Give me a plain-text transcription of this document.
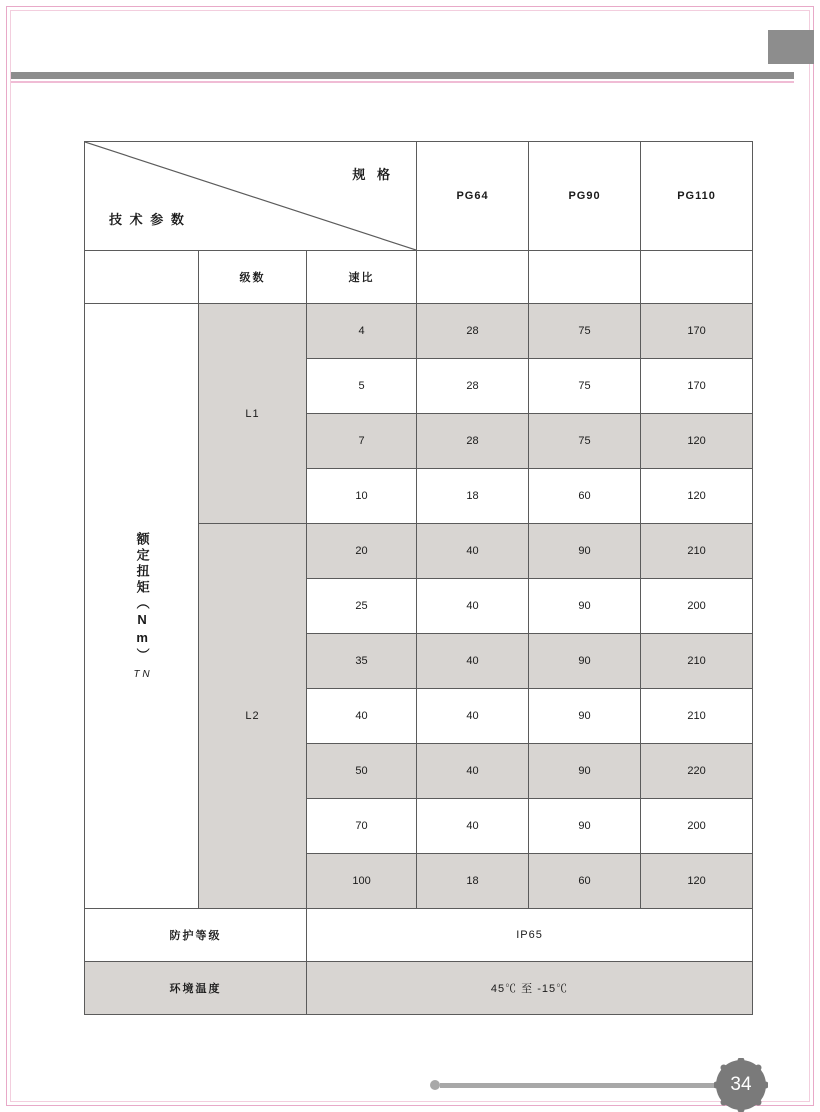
规 格
技 术 参 数			PG64	PG90	PG110
	级数	速比			
额定扭矩（Nm）
T N	L1	4	28	75	170
		5	28	75	170
		7	28	75	120
		10	18	60	120
	L2	20	40	90	210
		25	40	90	200
		35	40	90	210
		40	40	90	210
		50	40	90	220
		70	40	90	200
		100	18	60	120
防护等级		IP65			
环境温度		45℃ 至 -15℃			
34
